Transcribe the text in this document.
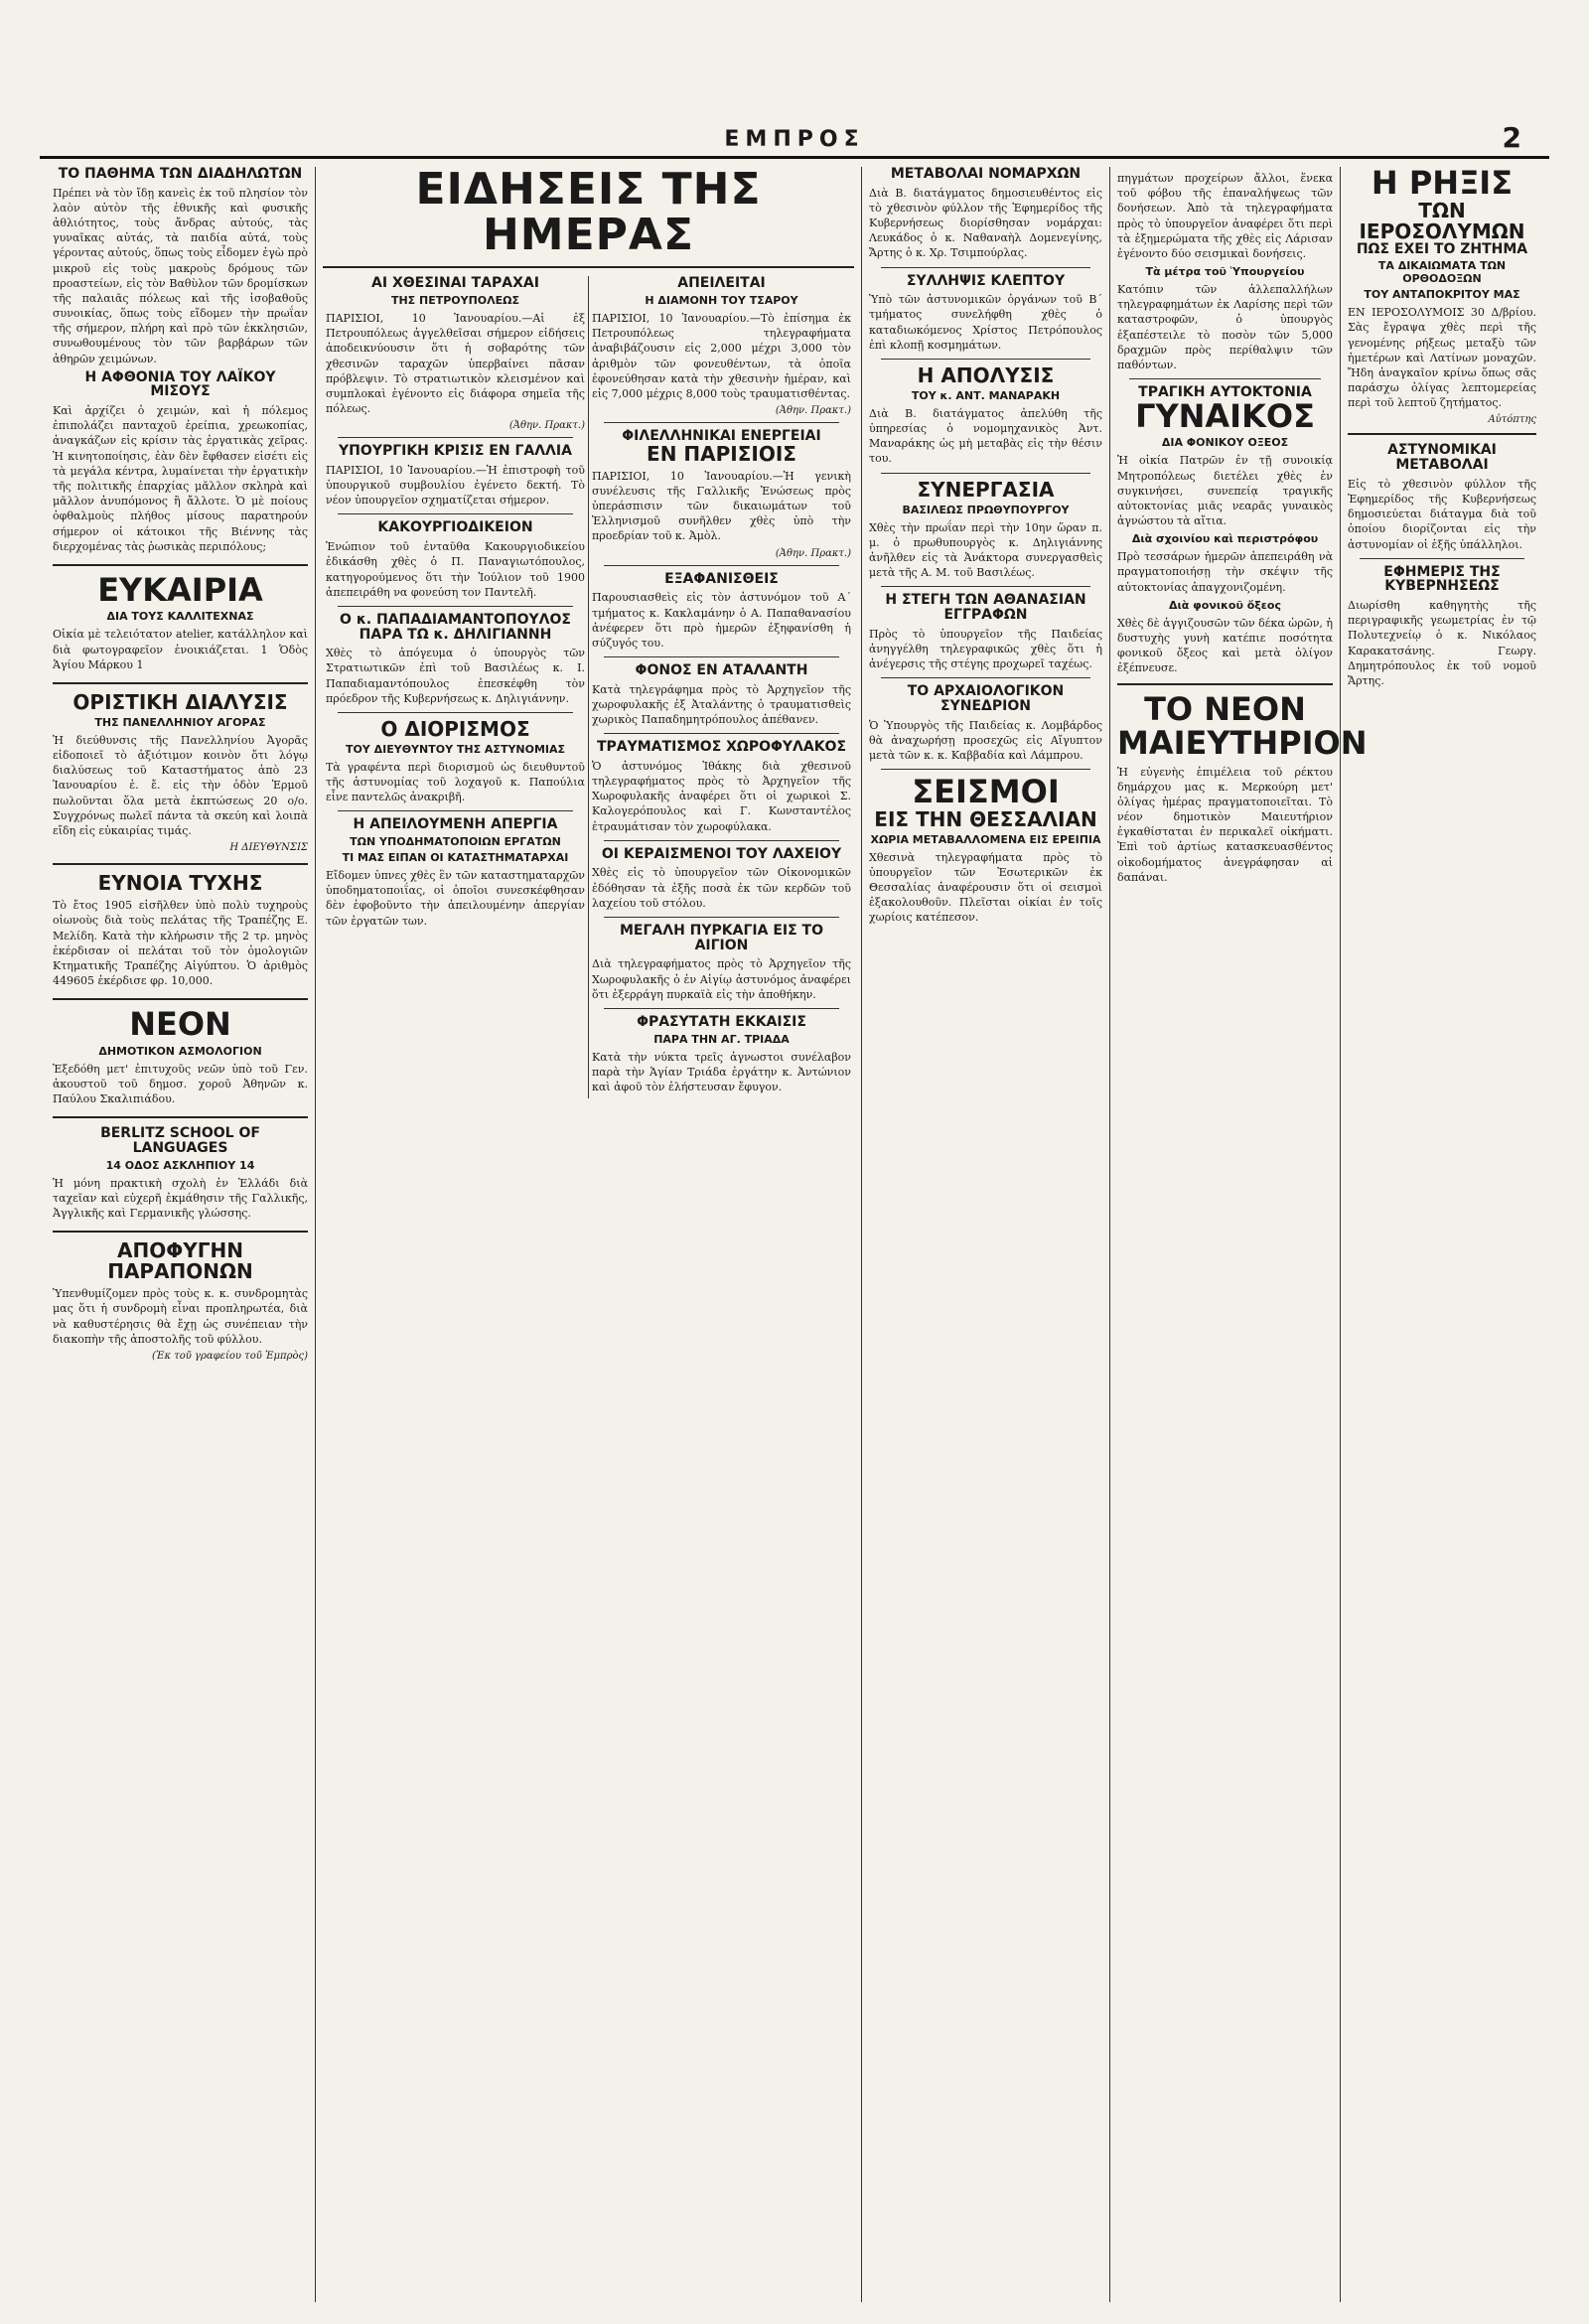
ΕΜΠΡΟΣ	2
ΤΟ ΠΑΘΗΜΑ ΤΩΝ ΔΙΑΔΗΛΩΤΩΝ
Πρέπει νὰ τὸν ἴδῃ κανεὶς ἐκ τοῦ πλησίον τὸν λαὸν αὐτὸν τῆς ἐθνικῆς καὶ φυσικῆς ἀθλιότητος, τοὺς ἄνδρας αὐτούς, τὰς γυναῖκας αὐτάς, τὰ παιδία αὐτά, τοὺς γέροντας αὐτούς, ὅπως τοὺς εἶδομεν ἐγὼ πρὸ μικροῦ εἰς τοὺς μακροὺς δρόμους τῶν προαστείων, εἰς τὸν Βαθὺλον τῶν δρομίσκων τῆς παλαιᾶς πόλεως καὶ τῆς ἰσοβαθοῦς συνοικίας, ὅπως τοὺς εἴδομεν τὴν πρωΐαν τῆς σήμερον, πλήρη καὶ πρὸ τῶν ἐκκλησιῶν, συνωθουμένους τὸν τῶν βαρβάρων τῶν ἀθηρῶν χειμώνων.
Η ΑΦΘΟΝΙΑ ΤΟΥ ΛΑΪΚΟΥ ΜΙΣΟΥΣ
Καὶ ἀρχίζει ὁ χειμών, καὶ ἡ πόλεμος ἐπιπολάζει πανταχοῦ ἐρείπια, χρεωκοπίας, ἀναγκάζων εἰς κρίσιν τὰς ἐργατικὰς χεῖρας. Ἡ κινητοποίησις, ἐὰν δὲν ἔφθασεν εἰσέτι εἰς τὰ μεγάλα κέντρα, λυμαίνεται τὴν ἐργατικὴν τῆς πολιτικῆς ἐπαρχίας μᾶλλον σκληρὰ καὶ μᾶλλον ἀνυπόμονος ἢ ἄλλοτε. Ὁ μὲ ποίους ὀφθαλμοὺς πλήθος μίσους παρατηρούν σήμερον οἱ κάτοικοι τῆς Βιέννης τὰς διερχομένας τὰς ῥωσικὰς περιπόλους;
ΕΥΚΑΙΡΙΑ
ΔΙΑ ΤΟΥΣ ΚΑΛΛΙΤΕΧΝΑΣ
Οἰκία μὲ τελειότατον atelier, κατάλληλον καὶ διὰ φωτογραφεῖον ἐνοικιάζεται. 1 Ὁδὸς Ἁγίου Μάρκου 1
ΟΡΙΣΤΙΚΗ ΔΙΑΛΥΣΙΣ
ΤΗΣ ΠΑΝΕΛΛΗΝΙΟΥ ΑΓΟΡΑΣ
Ἡ διεύθυνσις τῆς Πανελληνίου Ἀγορᾶς εἰδοποιεῖ τὸ ἀξιότιμον κοινὸν ὅτι λόγῳ διαλύσεως τοῦ Καταστήματος ἀπὸ 23 Ἰανουαρίου ἐ. ἔ. εἰς τὴν ὁδὸν Ἑρμοῦ πωλοῦνται ὅλα μετὰ ἐκπτώσεως 20 ο/ο. Συγχρόνως πωλεῖ πάντα τὰ σκεύη καὶ λοιπὰ εἴδη εἰς εὐκαιρίας τιμάς.
Η ΔΙΕΥΘΥΝΣΙΣ
ΕΥΝΟΙΑ ΤΥΧΗΣ
Τὸ ἔτος 1905 εἰσῆλθεν ὑπὸ πολὺ τυχηροὺς οἰωνοὺς διὰ τοὺς πελάτας τῆς Τραπέζης Ε. Μελίδη. Κατὰ τὴν κλήρωσιν τῆς 2 τρ. μηνὸς ἐκέρδισαν οἱ πελάται τοῦ τὸν ὀμολογιῶν Κτηματικῆς Τραπέζης Αἰγύπτου. Ὁ ἀριθμὸς 449605 ἐκέρδισε φρ. 10,000.
ΝΕΟΝ
ΔΗΜΟΤΙΚΟΝ ΑΣΜΟΛΟΓΙΟΝ
Ἐξεδόθη μετ' ἐπιτυχοῦς νεῶν ὑπὸ τοῦ Γεν. ἀκουστοῦ τοῦ δημοσ. χοροῦ Ἀθηνῶν κ. Παύλου Σκαλιπιάδου.
BERLITZ SCHOOL OF LANGUAGES
14 ΟΔΟΣ ΑΣΚΛΗΠΙΟΥ 14
Ἡ μόνη πρακτικὴ σχολὴ ἐν Ἑλλάδι διὰ ταχεῖαν καὶ εὐχερῆ ἐκμάθησιν τῆς Γαλλικῆς, Ἀγγλικῆς καὶ Γερμανικῆς γλώσσης.
ΑΠΟΦΥΓΗΝ
ΠΑΡΑΠΟΝΩΝ
Ὑπενθυμίζομεν πρὸς τοὺς κ. κ. συνδρομητὰς μας ὅτι ἡ συνδρομὴ εἶναι προπληρωτέα, διὰ νὰ καθυστέρησις θὰ ἔχῃ ὡς συνέπειαν τὴν διακοπὴν τῆς ἀποστολῆς τοῦ φύλλου.
(Ἐκ τοῦ γραφείου τοῦ Ἐμπρὸς)
ΕΙΔΗΣΕΙΣ ΤΗΣ ΗΜΕΡΑΣ
ΑΙ ΧΘΕΣΙΝΑΙ ΤΑΡΑΧΑΙ
ΤΗΣ ΠΕΤΡΟΥΠΟΛΕΩΣ
ΠΑΡΙΣΙΟΙ, 10 Ἰανουαρίου.—Αἱ ἐξ Πετρουπόλεως ἀγγελθεῖσαι σήμερον εἰδήσεις ἀποδεικνύουσιν ὅτι ἡ σοβαρότης τῶν χθεσινῶν ταραχῶν ὑπερβαίνει πᾶσαν πρόβλεψιν. Τὸ στρατιωτικὸν κλεισμένον καὶ συμπλοκαὶ ἐγένοντο εἰς διάφορα σημεῖα τῆς πόλεως.
(Ἀθην. Πρακτ.)
ΥΠΟΥΡΓΙΚΗ ΚΡΙΣΙΣ ΕΝ ΓΑΛΛΙΑ
ΠΑΡΙΣΙΟΙ, 10 Ἰανουαρίου.—Ἡ ἐπιστροφὴ τοῦ ὑπουργικοῦ συμβουλίου ἐγένετο δεκτή. Τὸ νέον ὑπουργεῖον σχηματίζεται σήμερον.
ΚΑΚΟΥΡΓΙΟΔΙΚΕΙΟΝ
Ἐνώπιον τοῦ ἐνταῦθα Κακουργιοδικείου ἐδικάσθη χθὲς ὁ Π. Παναγιωτόπουλος, κατηγορούμενος ὅτι τὴν Ἰούλιον τοῦ 1900 ἀπεπειράθη να φονεύση τον Παντελῆ.
Ο κ. ΠΑΠΑΔΙΑΜΑΝΤΟΠΟΥΛΟΣ ΠΑΡΑ ΤΩ κ. ΔΗΛΙΓΙΑΝΝΗ
Χθὲς τὸ ἀπόγευμα ὁ ὑπουργὸς τῶν Στρατιωτικῶν ἐπὶ τοῦ Βασιλέως κ. Ι. Παπαδιαμαντόπουλος ἐπεσκέφθη τὸν πρόεδρον τῆς Κυβερνήσεως κ. Δηλιγιάννην.
Ο ΔΙΟΡΙΣΜΟΣ
ΤΟΥ ΔΙΕΥΘΥΝΤΟΥ ΤΗΣ ΑΣΤΥΝΟΜΙΑΣ
Τὰ γραφέντα περὶ διορισμοῦ ὡς διευθυντοῦ τῆς ἀστυνομίας τοῦ λοχαγοῦ κ. Παπούλια εἶνε παντελῶς ἀνακριβῆ.
Η ΑΠΕΙΛΟΥΜΕΝΗ ΑΠΕΡΓΙΑ
ΤΩΝ ΥΠΟΔΗΜΑΤΟΠΟΙΩΝ ΕΡΓΑΤΩΝ
ΤΙ ΜΑΣ ΕΙΠΑΝ ΟΙ ΚΑΤΑΣΤΗΜΑΤΑΡΧΑΙ
Εἴδομεν ὑπνες χθὲς ἓν τῶν καταστηματαρχῶν ὑποδηματοποιΐας, οἱ ὁποῖοι συνεσκέφθησαν δὲν ἐφοβοῦντο τὴν ἀπειλουμένην ἀπεργίαν τῶν ἐργατῶν των.
ΑΠΕΙΛΕΙΤΑΙ
Η ΔΙΑΜΟΝΗ ΤΟΥ ΤΣΑΡΟΥ
ΠΑΡΙΣΙΟΙ, 10 Ἰανουαρίου.—Τὸ ἐπίσημα ἐκ Πετρουπόλεως τηλεγραφήματα ἀναβιβάζουσιν εἰς 2,000 μέχρι 3,000 τὸν ἀριθμὸν τῶν φονευθέντων, τὰ ὁποῖα ἐφονεύθησαν κατὰ τὴν χθεσινὴν ἡμέραν, καὶ εἰς 7,000 μέχρις 8,000 τοὺς τραυματισθέντας.
(Ἀθην. Πρακτ.)
ΦΙΛΕΛΛΗΝΙΚΑΙ ΕΝΕΡΓΕΙΑΙ
ΕΝ ΠΑΡΙΣΙΟΙΣ
ΠΑΡΙΣΙΟΙ, 10 Ἰανουαρίου.—Ἡ γενικὴ συνέλευσις τῆς Γαλλικῆς Ἑνώσεως πρὸς ὑπεράσπισιν τῶν δικαιωμάτων τοῦ Ἑλληνισμοῦ συνῆλθεν χθὲς ὑπὸ τὴν προεδρίαν τοῦ κ. Ἀμὸλ.
(Ἀθην. Πρακτ.)
ΕΞΑΦΑΝΙΣΘΕΙΣ
Παρουσιασθεὶς εἰς τὸν ἀστυνόμον τοῦ Α΄ τμήματος κ. Κακλαμάνην ὁ Α. Παπαθανασίου ἀνέφερεν ὅτι πρὸ ἡμερῶν ἐξηφανίσθη ἡ σύζυγός του.
ΦΟΝΟΣ ΕΝ ΑΤΑΛΑΝΤΗ
Κατὰ τηλεγράφημα πρὸς τὸ Ἀρχηγεῖον τῆς χωροφυλακῆς ἐξ Ἀταλάντης ὁ τραυματισθεὶς χωρικὸς Παπαδημητρόπουλος ἀπέθανεν.
ΤΡΑΥΜΑΤΙΣΜΟΣ ΧΩΡΟΦΥΛΑΚΟΣ
Ὁ ἀστυνόμος Ἰθάκης διὰ χθεσινοῦ τηλεγραφήματος πρὸς τὸ Ἀρχηγεῖον τῆς Χωροφυλακῆς ἀναφέρει ὅτι οἱ χωρικοὶ Σ. Καλογερόπουλος καὶ Γ. Κωνσταντέλος ἐτραυμάτισαν τὸν χωροφύλακα.
ΟΙ ΚΕΡΑΙΣΜΕΝΟΙ ΤΟΥ ΛΑΧΕΙΟΥ
Χθὲς εἰς τὸ ὑπουργεῖον τῶν Οἰκονομικῶν ἐδόθησαν τὰ ἐξῆς ποσὰ ἐκ τῶν κερδῶν τοῦ λαχείου τοῦ στόλου.
ΜΕΓΑΛΗ ΠΥΡΚΑΓΙΑ ΕΙΣ ΤΟ ΑΙΓΙΟΝ
Διὰ τηλεγραφήματος πρὸς τὸ Ἀρχηγεῖον τῆς Χωροφυλακῆς ὁ ἐν Αἰγίῳ ἀστυνόμος ἀναφέρει ὅτι ἐξερράγη πυρκαϊὰ εἰς τὴν ἀποθήκην.
ΦΡΑΣΥΤΑΤΗ ΕΚΚΑΙΣΙΣ
ΠΑΡΑ ΤΗΝ ΑΓ. ΤΡΙΑΔΑ
Κατὰ τὴν νύκτα τρεῖς ἀγνωστοι συνέλαβον παρὰ τὴν Ἁγίαν Τριάδα ἐργάτην κ. Ἀντώνιον καὶ ἀφοῦ τὸν ἐλήστευσαν ἔφυγον.
ΜΕΤΑΒΟΛΑΙ ΝΟΜΑΡΧΩΝ
Διὰ Β. διατάγματος δημοσιευθέντος εἰς τὸ χθεσινὸν φύλλον τῆς Ἐφημερίδος τῆς Κυβερνήσεως διορίσθησαν νομάρχαι: Λευκάδος ὁ κ. Ναθαναὴλ Δομενεγίνης, Ἄρτης ὁ κ. Χρ. Τσιμπούρλας.
ΣΥΛΛΗΨΙΣ ΚΛΕΠΤΟΥ
Ὑπὸ τῶν ἀστυνομικῶν ὀργάνων τοῦ Β΄ τμήματος συνελήφθη χθὲς ὁ καταδιωκόμενος Χρίστος Πετρόπουλος ἐπὶ κλοπῇ κοσμημάτων.
Η ΑΠΟΛΥΣΙΣ
ΤΟΥ κ. ΑΝΤ. ΜΑΝΑΡΑΚΗ
Διὰ Β. διατάγματος ἀπελύθη τῆς ὑπηρεσίας ὁ νομομηχανικὸς Ἀντ. Μαναράκης ὡς μὴ μεταβὰς εἰς τὴν θέσιν του.
ΣΥΝΕΡΓΑΣΙΑ
ΒΑΣΙΛΕΩΣ ΠΡΩΘΥΠΟΥΡΓΟΥ
Χθὲς τὴν πρωΐαν περὶ τὴν 10ην ὥραν π. μ. ὁ πρωθυπουργὸς κ. Δηλιγιάννης ἀνῆλθεν εἰς τὰ Ἀνάκτορα συνεργασθεὶς μετὰ τῆς Α. Μ. τοῦ Βασιλέως.
Η ΣΤΕΓΗ ΤΩΝ ΑΘΑΝΑΣΙΑΝ ΕΓΓΡΑΦΩΝ
Πρὸς τὸ ὑπουργεῖον τῆς Παιδείας ἀνηγγέλθη τηλεγραφικῶς χθὲς ὅτι ἡ ἀνέγερσις τῆς στέγης προχωρεῖ ταχέως.
ΤΟ ΑΡΧΑΙΟΛΟΓΙΚΟΝ ΣΥΝΕΔΡΙΟΝ
Ὁ Ὑπουργὸς τῆς Παιδείας κ. Λομβάρδος θὰ ἀναχωρήσῃ προσεχῶς εἰς Αἴγυπτον μετὰ τῶν κ. κ. Καββαδία καὶ Λάμπρου.
ΣΕΙΣΜΟΙ
ΕΙΣ ΤΗΝ ΘΕΣΣΑΛΙΑΝ
ΧΩΡΙΑ ΜΕΤΑΒΑΛΛΟΜΕΝΑ ΕΙΣ ΕΡΕΙΠΙΑ
Χθεσινὰ τηλεγραφήματα πρὸς τὸ ὑπουργεῖον τῶν Ἐσωτερικῶν ἐκ Θεσσαλίας ἀναφέρουσιν ὅτι οἱ σεισμοὶ ἐξακολουθοῦν. Πλεῖσται οἰκίαι ἐν τοῖς χωρίοις κατέπεσον.
πηγμάτων προχείρων ἄλλοι, ἕνεκα τοῦ φόβου τῆς ἐπαναλήψεως τῶν δονήσεων. Ἀπὸ τὰ τηλεγραφήματα πρὸς τὸ ὑπουργεῖον ἀναφέρει ὅτι περὶ τὰ ἐξημερώματα τῆς χθὲς εἰς Λάρισαν ἐγένοντο δύο σεισμικαὶ δονήσεις.
Τὰ μέτρα τοῦ Ὑπουργείου
Κατόπιν τῶν ἀλλεπαλλήλων τηλεγραφημάτων ἐκ Λαρίσης περὶ τῶν καταστροφῶν, ὁ ὑπουργὸς ἐξαπέστειλε τὸ ποσὸν τῶν 5,000 δραχμῶν πρὸς περίθαλψιν τῶν παθόντων.
ΤΡΑΓΙΚΗ ΑΥΤΟΚΤΟΝΙΑ
ΓΥΝΑΙΚΟΣ
ΔΙΑ ΦΟΝΙΚΟΥ ΟΞΕΟΣ
Ἡ οἰκία Πατρῶν ἐν τῇ συνοικίᾳ Μητροπόλεως διετέλει χθὲς ἐν συγκινήσει, συνεπείᾳ τραγικῆς αὐτοκτονίας μιᾶς νεαρᾶς γυναικὸς ἀγνώστου τὰ αἴτια.
Διὰ σχοινίου καὶ περιστρόφου
Πρὸ τεσσάρων ἡμερῶν ἀπεπειράθη νὰ πραγματοποιήσῃ τὴν σκέψιν τῆς αὐτοκτονίας ἀπαγχονιζομένη.
Διὰ φονικοῦ ὄξεος
Χθὲς δὲ ἀγγιζουσῶν τῶν δέκα ὡρῶν, ἡ δυστυχὴς γυνὴ κατέπιε ποσότητα φονικοῦ ὄξεος καὶ μετὰ ὀλίγον ἐξέπνευσε.
ΤΟ ΝΕΟΝ
ΜΑΙΕΥΤΗΡΙΟΝ
Ἡ εὐγενὴς ἐπιμέλεια τοῦ ρέκτου δημάρχου μας κ. Μερκούρη μετ' ὀλίγας ἡμέρας πραγματοποιεῖται. Τὸ νέον δημοτικὸν Μαιευτήριον ἐγκαθίσταται ἐν περικαλεῖ οἰκήματι. Ἐπὶ τοῦ ἀρτίως κατασκευασθέντος οἰκοδομήματος ἀνεγράφησαν αἱ δαπάναι.
Η ΡΗΞΙΣ
ΤΩΝ ΙΕΡΟΣΟΛΥΜΩΝ
ΠΩΣ ΕΧΕΙ ΤΟ ΖΗΤΗΜΑ
ΤΑ ΔΙΚΑΙΩΜΑΤΑ ΤΩΝ ΟΡΘΟΔΟΞΩΝ
ΤΟΥ ΑΝΤΑΠΟΚΡΙΤΟΥ ΜΑΣ
ΕΝ ΙΕΡΟΣΟΛΥΜΟΙΣ 30 Δ/βρίου. Σὰς ἔγραψα χθὲς περὶ τῆς γενομένης ρήξεως μεταξὺ τῶν ἡμετέρων καὶ Λατίνων μοναχῶν. Ἤδη ἀναγκαῖον κρίνω ὅπως σᾶς παράσχω ὀλίγας λεπτομερείας περὶ τοῦ λεπτοῦ ζητήματος.
Αὐτόπτης
ΑΣΤΥΝΟΜΙΚΑΙ ΜΕΤΑΒΟΛΑΙ
Εἰς τὸ χθεσινὸν φύλλον τῆς Ἐφημερίδος τῆς Κυβερνήσεως δημοσιεύεται διάταγμα διὰ τοῦ ὁποίου διορίζονται εἰς τὴν ἀστυνομίαν οἱ ἑξῆς ὑπάλληλοι.
ΕΦΗΜΕΡΙΣ ΤΗΣ ΚΥΒΕΡΝΗΣΕΩΣ
Διωρίσθη καθηγητὴς τῆς περιγραφικῆς γεωμετρίας ἐν τῷ Πολυτεχνείῳ ὁ κ. Νικόλαος Καρακατσάνης. Γεωργ. Δημητρόπουλος ἐκ τοῦ νομοῦ Ἄρτης.
